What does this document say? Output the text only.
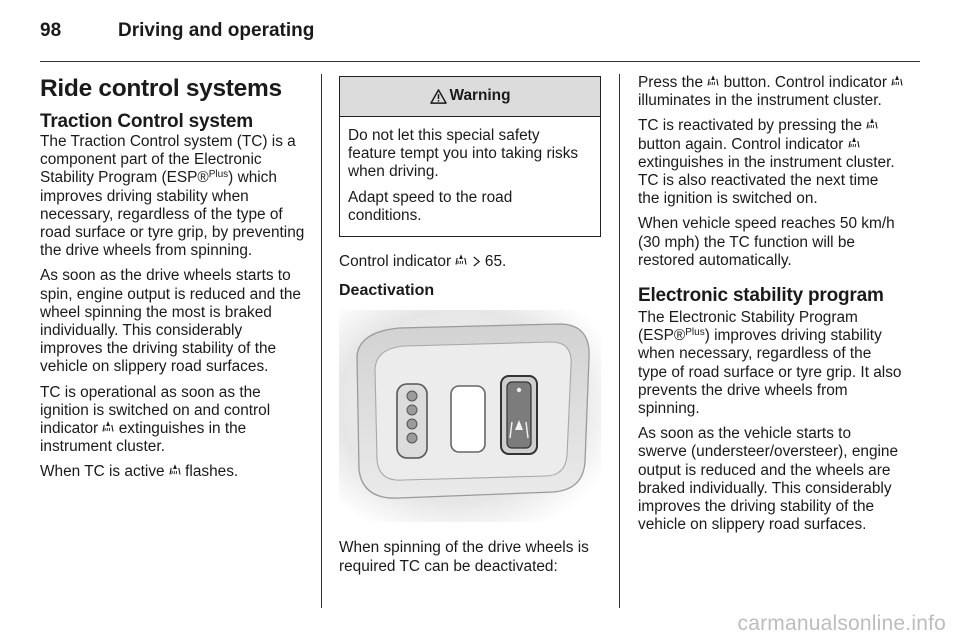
98	Driving and operating
Ride control systems
Traction Control system

The Traction Control system (TC) is a component part of the Electronic Stability Program (ESP®$^{Plus}$) which improves driving stability when necessary, regardless of the type of road surface or tyre grip, by preventing the drive wheels from spinning.

As soon as the drive wheels starts to spin, engine output is reduced and the wheel spinning the most is braked individually. This considerably improves the driving stability of the vehicle on slippery road surfaces.

TC is operational as soon as the ignition is switched on and control indicator extinguishes in the instrument cluster.

When TC is active flashes.

Warning

Do not let this special safety feature tempt you into taking risks when driving.

Adapt speed to the road conditions.

Control indicator 65.

Deactivation

When spinning of the drive wheels is required TC can be deactivated:

Press the button. Control indicator  illuminates in the instrument cluster.

TC is reactivated by pressing the  button again. Control indicator  extinguishes in the instrument cluster. TC is also reactivated the next time the ignition is switched on.

When vehicle speed reaches 50 km/h (30 mph) the TC function will be restored automatically.

Electronic stability program

The Electronic Stability Program (ESP®$^{Plus}$) improves driving stability when necessary, regardless of the type of road surface or tyre grip. It also prevents the drive wheels from spinning.

As soon as the vehicle starts to swerve (understeer/oversteer), engine output is reduced and the wheels are braked individually. This considerably improves the driving stability of the vehicle on slippery road surfaces.

carmanualsonline.info
